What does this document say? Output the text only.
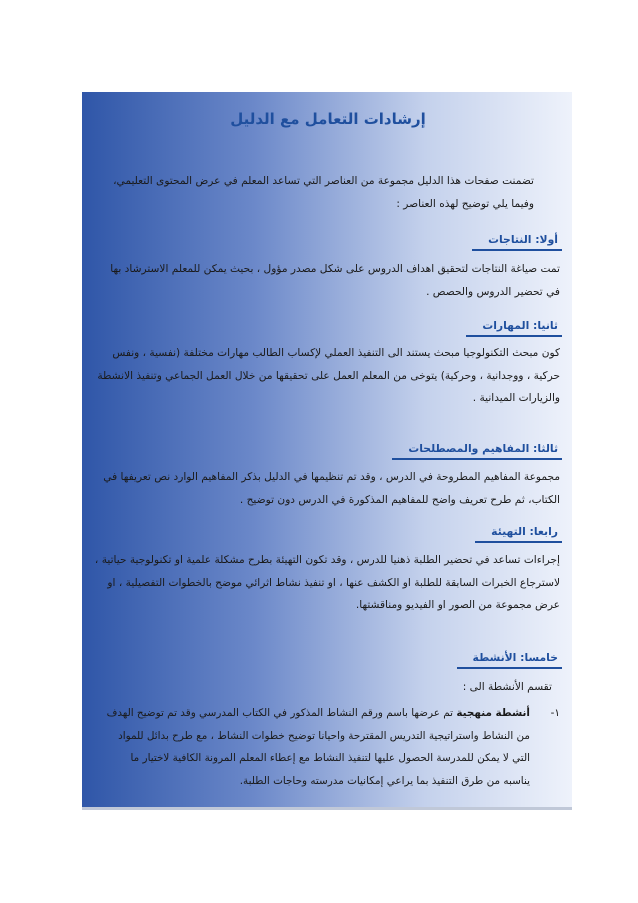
إرشادات التعامل مع الدليل
تضمنت صفحات هذا الدليل مجموعة من العناصر التي تساعد المعلم في عرض المحتوى التعليمي،
وفيما يلي توضيح لهذه العناصر :
أولا: النتاجات
تمت صياغة النتاجات لتحقيق اهداف الدروس على شكل مصدر مؤول ، بحيث يمكن للمعلم الاسترشاد بها
في تحضير الدروس والحصص .
ثانيا: المهارات
كون مبحث التكنولوجيا مبحث يستند الى التنفيذ العملي لإكساب الطالب مهارات مختلفة (نفسية ، ونفس
حركية ، ووجدانية ، وحركية) يتوخى من المعلم العمل على تحقيقها من خلال العمل الجماعي وتنفيذ الانشطة
والزيارات الميدانية .
ثالثا: المفاهيم والمصطلحات
مجموعة المفاهيم المطروحة في الدرس ، وقد تم تنظيمها في الدليل بذكر المفاهيم الوارد نص تعريفها في
الكتاب، ثم طرح تعريف واضح للمفاهيم المذكورة في الدرس دون توضيح .
رابعا: التهيئة
إجراءات تساعد في تحضير الطلبة ذهنيا للدرس ، وقد تكون التهيئة بطرح مشكلة علمية او تكنولوجية حياتية ،
لاسترجاع الخبرات السابقة للطلبة او الكشف عنها ، او تنفيذ نشاط اثرائي موضح بالخطوات التفصيلية ، او
عرض مجموعة من الصور او الفيديو ومناقشتها.
خامسا: الأنشطة
تقسم الأنشطة الى :
١-
أنشطة منهجية تم عرضها باسم ورقم النشاط المذكور في الكتاب المدرسي وقد تم توضيح الهدف
من النشاط واستراتيجية التدريس المقترحة واحيانا توضيح خطوات النشاط ، مع طرح بدائل للمواد
التي لا يمكن للمدرسة الحصول عليها لتنفيذ النشاط مع إعطاء المعلم المرونة الكافية لاختيار ما
يناسبه من طرق التنفيذ بما يراعي إمكانيات مدرسته وحاجات الطلبة.
